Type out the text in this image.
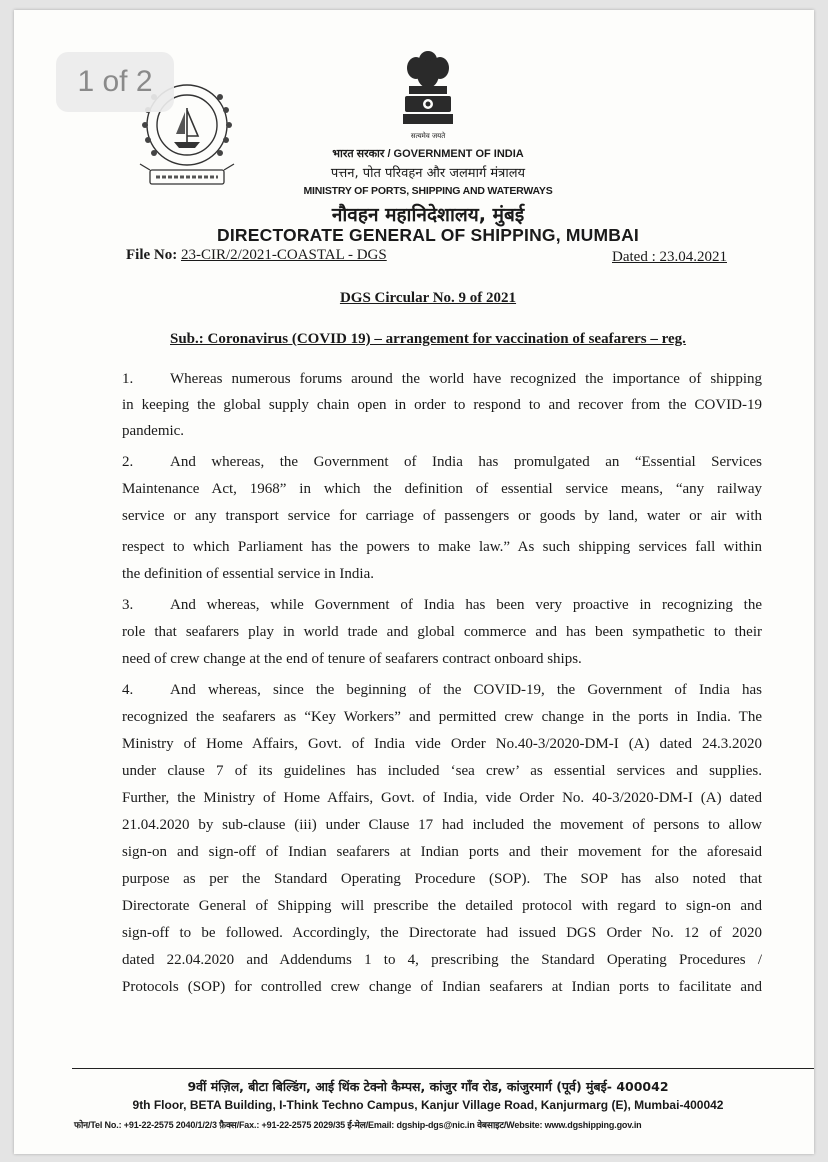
1 of 2
सत्यमेव जयते
भारत सरकार / GOVERNMENT OF INDIA
पत्तन, पोत परिवहन और जलमार्ग मंत्रालय
MINISTRY OF PORTS, SHIPPING AND WATERWAYS
नौवहन महानिदेशालय, मुंबई
DIRECTORATE GENERAL OF SHIPPING, MUMBAI
File No: 23-CIR/2/2021-COASTAL - DGS	Dated : 23.04.2021
DGS Circular No. 9 of 2021
Sub.: Coronavirus (COVID 19) – arrangement for vaccination of seafarers – reg.
1. Whereas numerous forums around the world have recognized the importance of shipping
in keeping the global supply chain open in order to respond to and recover from the COVID-19
pandemic.
2. And whereas, the Government of India has promulgated an “Essential Services
Maintenance Act, 1968” in which the definition of essential service means, “any railway
service or any transport service for carriage of passengers or goods by land, water or air with
respect to which Parliament has the powers to make law.” As such shipping services fall within
the definition of essential service in India.
3. And whereas, while Government of India has been very proactive in recognizing the
role that seafarers play in world trade and global commerce and has been sympathetic to their
need of crew change at the end of tenure of seafarers contract onboard ships.
4. And whereas, since the beginning of the COVID-19, the Government of India has
recognized the seafarers as “Key Workers” and permitted crew change in the ports in India. The
Ministry of Home Affairs, Govt. of India vide Order No.40-3/2020-DM-I (A) dated 24.3.2020
under clause 7 of its guidelines has included ‘sea crew’ as essential services and supplies.
Further, the Ministry of Home Affairs, Govt. of India, vide Order No. 40-3/2020-DM-I (A) dated
21.04.2020 by sub-clause (iii) under Clause 17 had included the movement of persons to allow
sign-on and sign-off of Indian seafarers at Indian ports and their movement for the aforesaid
purpose as per the Standard Operating Procedure (SOP). The SOP has also noted that
Directorate General of Shipping will prescribe the detailed protocol with regard to sign-on and
sign-off to be followed. Accordingly, the Directorate had issued DGS Order No. 12 of 2020
dated 22.04.2020 and Addendums 1 to 4, prescribing the Standard Operating Procedures /
Protocols (SOP) for controlled crew change of Indian seafarers at Indian ports to facilitate and
9वीं मंज़िल, बीटा बिल्डिंग, आई थिंक टेक्नो कैम्पस, कांजुर गाँव रोड, कांजुरमार्ग (पूर्व) मुंबई- 400042
9th Floor, BETA Building, I-Think Techno Campus, Kanjur Village Road, Kanjurmarg (E), Mumbai-400042
फोन/Tel No.: +91-22-2575 2040/1/2/3 फ़ैक्स/Fax.: +91-22-2575 2029/35 ई-मेल/Email: dgship-dgs@nic.in वेबसाइट/Website: www.dgshipping.gov.in
